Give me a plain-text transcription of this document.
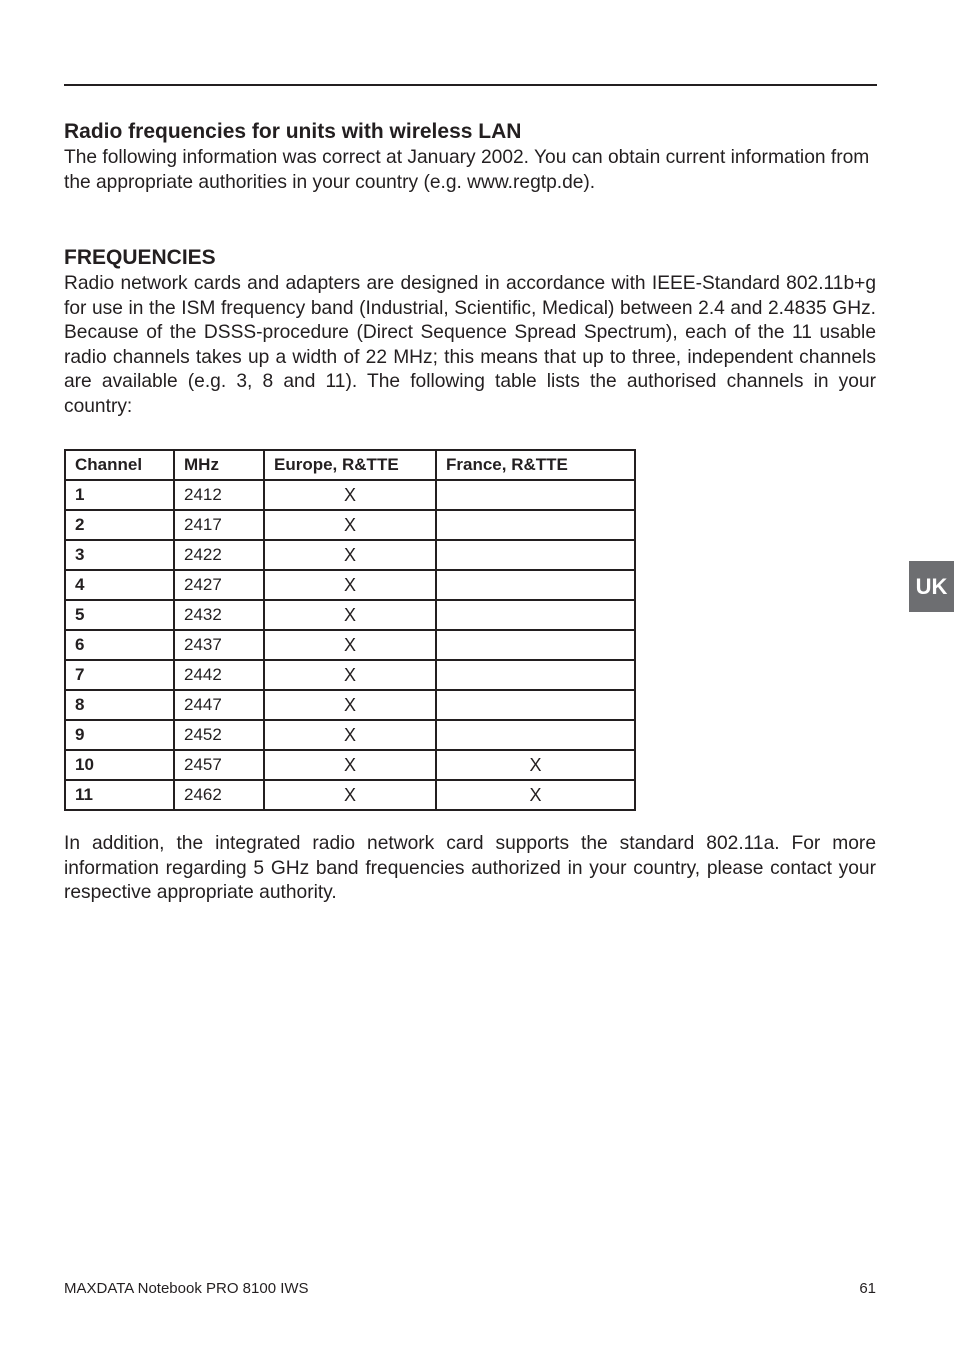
Radio frequencies for units with wireless LAN

The following information was correct at January 2002. You can obtain current information from the appropriate authorities in your country (e.g. www.regtp.de).

FREQUENCIES

Radio network cards and adapters are designed in accordance with IEEE-Standard 802.11b+g for use in the ISM frequency band (Industrial, Scientific, Medical) between 2.4 and 2.4835 GHz. Because of the DSSS-procedure (Direct Sequence Spread Spectrum), each of the 11 usable radio channels takes up a width of 22 MHz; this means that up to three, independent channels are available (e.g. 3, 8 and 11). The following table lists the authorised channels in your country:

Channel	MHz	Europe, R&TTE	France, R&TTE
1	2412	X	
2	2417	X	
3	2422	X	
4	2427	X	
5	2432	X	
6	2437	X	
7	2442	X	
8	2447	X	
9	2452	X	
10	2457	X	X
11	2462	X	X

In addition, the integrated radio network card supports the standard 802.11a. For more information regarding 5 GHz band frequencies authorized in your country, please contact your respective appropriate authority.

UK
MAXDATA Notebook PRO 8100 IWS	61
